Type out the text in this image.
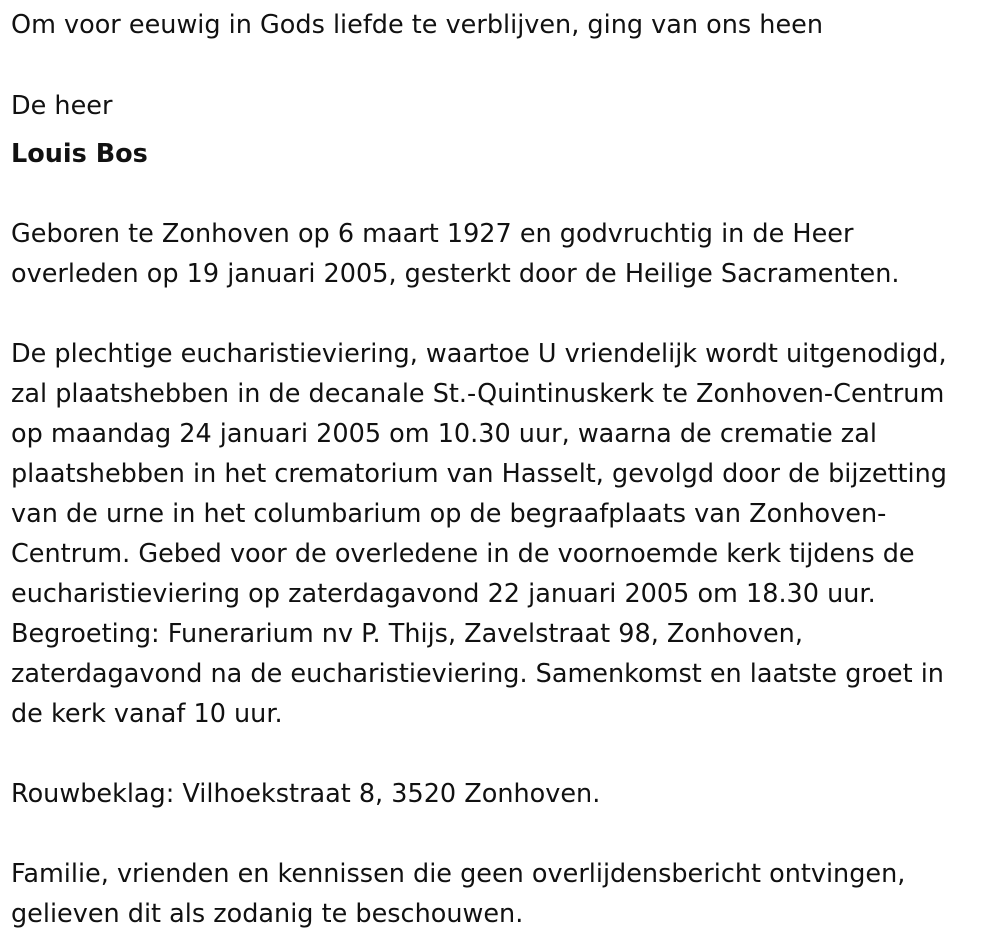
Om voor eeuwig in Gods liefde te verblijven, ging van ons heen
De heer
Louis Bos
Geboren te Zonhoven op 6 maart 1927 en godvruchtig in de Heer
overleden op 19 januari 2005, gesterkt door de Heilige Sacramenten.
De plechtige eucharistieviering, waartoe U vriendelijk wordt uitgenodigd,
zal plaatshebben in de decanale St.-Quintinuskerk te Zonhoven-Centrum
op maandag 24 januari 2005 om 10.30 uur, waarna de crematie zal
plaatshebben in het crematorium van Hasselt, gevolgd door de bijzetting
van de urne in het columbarium op de begraafplaats van Zonhoven-
Centrum. Gebed voor de overledene in de voornoemde kerk tijdens de
eucharistieviering op zaterdagavond 22 januari 2005 om 18.30 uur.
Begroeting: Funerarium nv P. Thijs, Zavelstraat 98, Zonhoven,
zaterdagavond na de eucharistieviering. Samenkomst en laatste groet in
de kerk vanaf 10 uur.
Rouwbeklag: Vilhoekstraat 8, 3520 Zonhoven.
Familie, vrienden en kennissen die geen overlijdensbericht ontvingen,
gelieven dit als zodanig te beschouwen.
